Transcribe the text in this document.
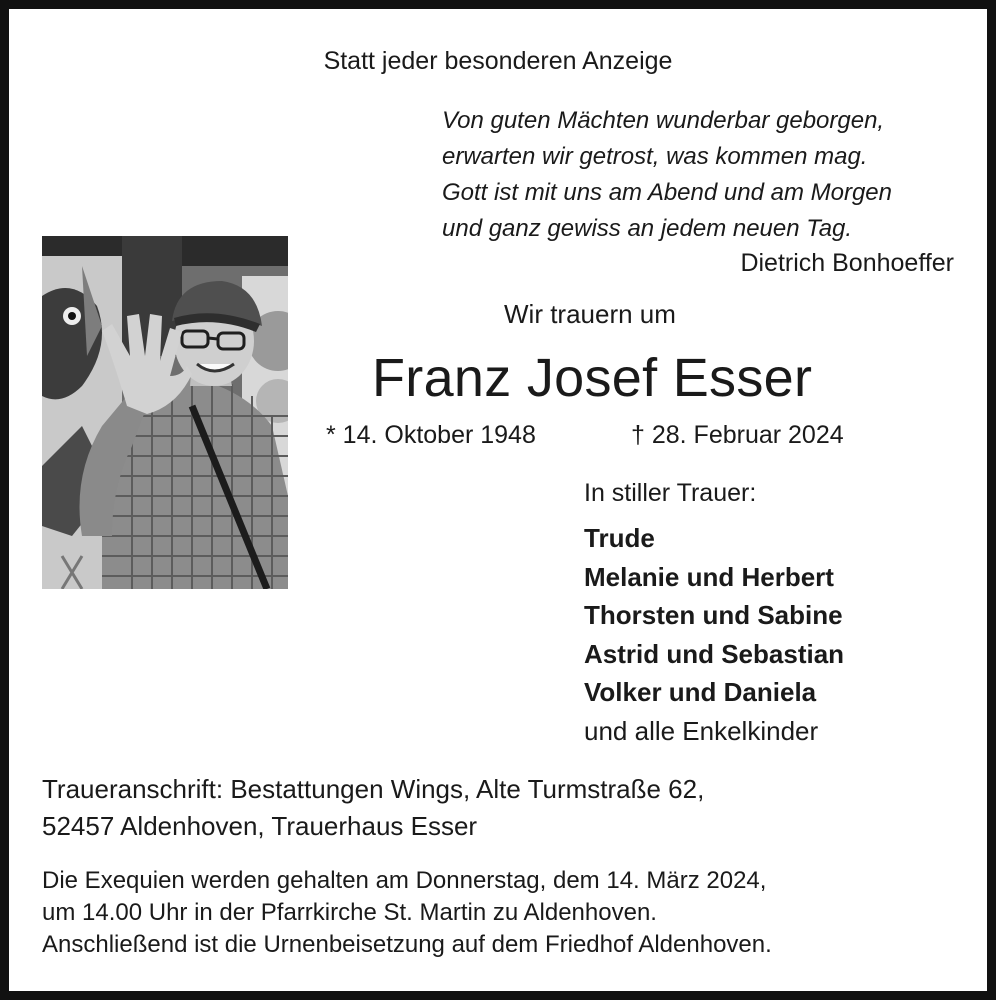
Statt jeder besonderen Anzeige
Von guten Mächten wunderbar geborgen,
erwarten wir getrost, was kommen mag.
Gott ist mit uns am Abend und am Morgen
und ganz gewiss an jedem neuen Tag.
Dietrich Bonhoeffer
Wir trauern um
Franz Josef Esser
* 14. Oktober 1948	† 28. Februar 2024
In stiller Trauer:
Trude
Melanie und Herbert
Thorsten und Sabine
Astrid und Sebastian
Volker und Daniela
und alle Enkelkinder
Traueranschrift: Bestattungen Wings, Alte Turmstraße 62,
52457 Aldenhoven, Trauerhaus Esser
Die Exequien werden gehalten am Donnerstag, dem 14. März 2024,
um 14.00 Uhr in der Pfarrkirche St. Martin zu Aldenhoven.
Anschließend ist die Urnenbeisetzung auf dem Friedhof Aldenhoven.
